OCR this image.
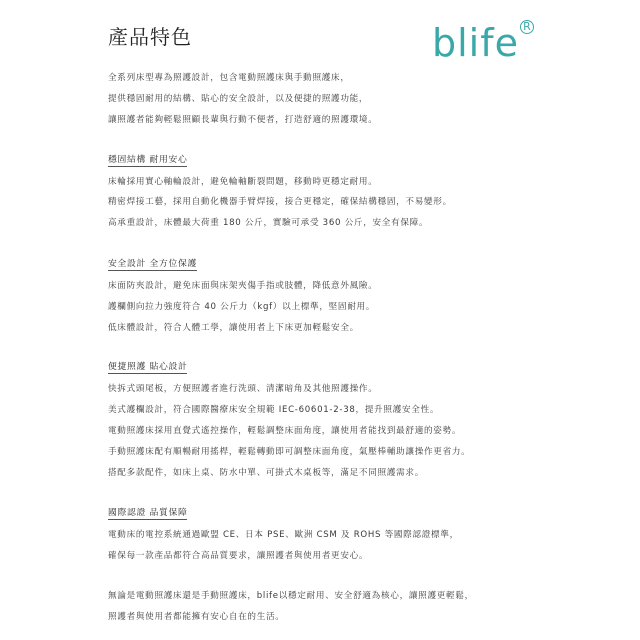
產品特色	blife R
全系列床型專為照護設計，包含電動照護床與手動照護床，
提供穩固耐用的結構、貼心的安全設計，以及便捷的照護功能，
讓照護者能夠輕鬆照顧長輩與行動不便者，打造舒適的照護環境。
穩固結構 耐用安心
床輪採用實心軸輪設計，避免輪軸斷裂問題，移動時更穩定耐用。
精密焊接工藝，採用自動化機器手臂焊接，接合更穩定，確保結構穩固，不易變形。
高承重設計，床體最大荷重 180 公斤，實驗可承受 360 公斤，安全有保障。
安全設計 全方位保護
床面防夾設計，避免床面與床架夾傷手指或肢體，降低意外風險。
護欄側向拉力強度符合 40 公斤力（kgf）以上標準，堅固耐用。
低床體設計，符合人體工學，讓使用者上下床更加輕鬆安全。
便捷照護 貼心設計
快拆式頭尾板，方便照護者進行洗頭、清潔暗角及其他照護操作。
美式護欄設計，符合國際醫療床安全規範 IEC-60601-2-38，提升照護安全性。
電動照護床採用直覺式遙控操作，輕鬆調整床面角度，讓使用者能找到最舒適的姿勢。
手動照護床配有順暢耐用搖桿，輕鬆轉動即可調整床面角度，氣壓棒輔助讓操作更省力。
搭配多款配件，如床上桌、防水中單、可掛式木桌板等，滿足不同照護需求。
國際認證 品質保障
電動床的電控系統通過歐盟 CE、日本 PSE、歐洲 CSM 及 ROHS 等國際認證標準，
確保每一款產品都符合高品質要求，讓照護者與使用者更安心。
無論是電動照護床還是手動照護床，blife以穩定耐用、安全舒適為核心，讓照護更輕鬆，
照護者與使用者都能擁有安心自在的生活。
